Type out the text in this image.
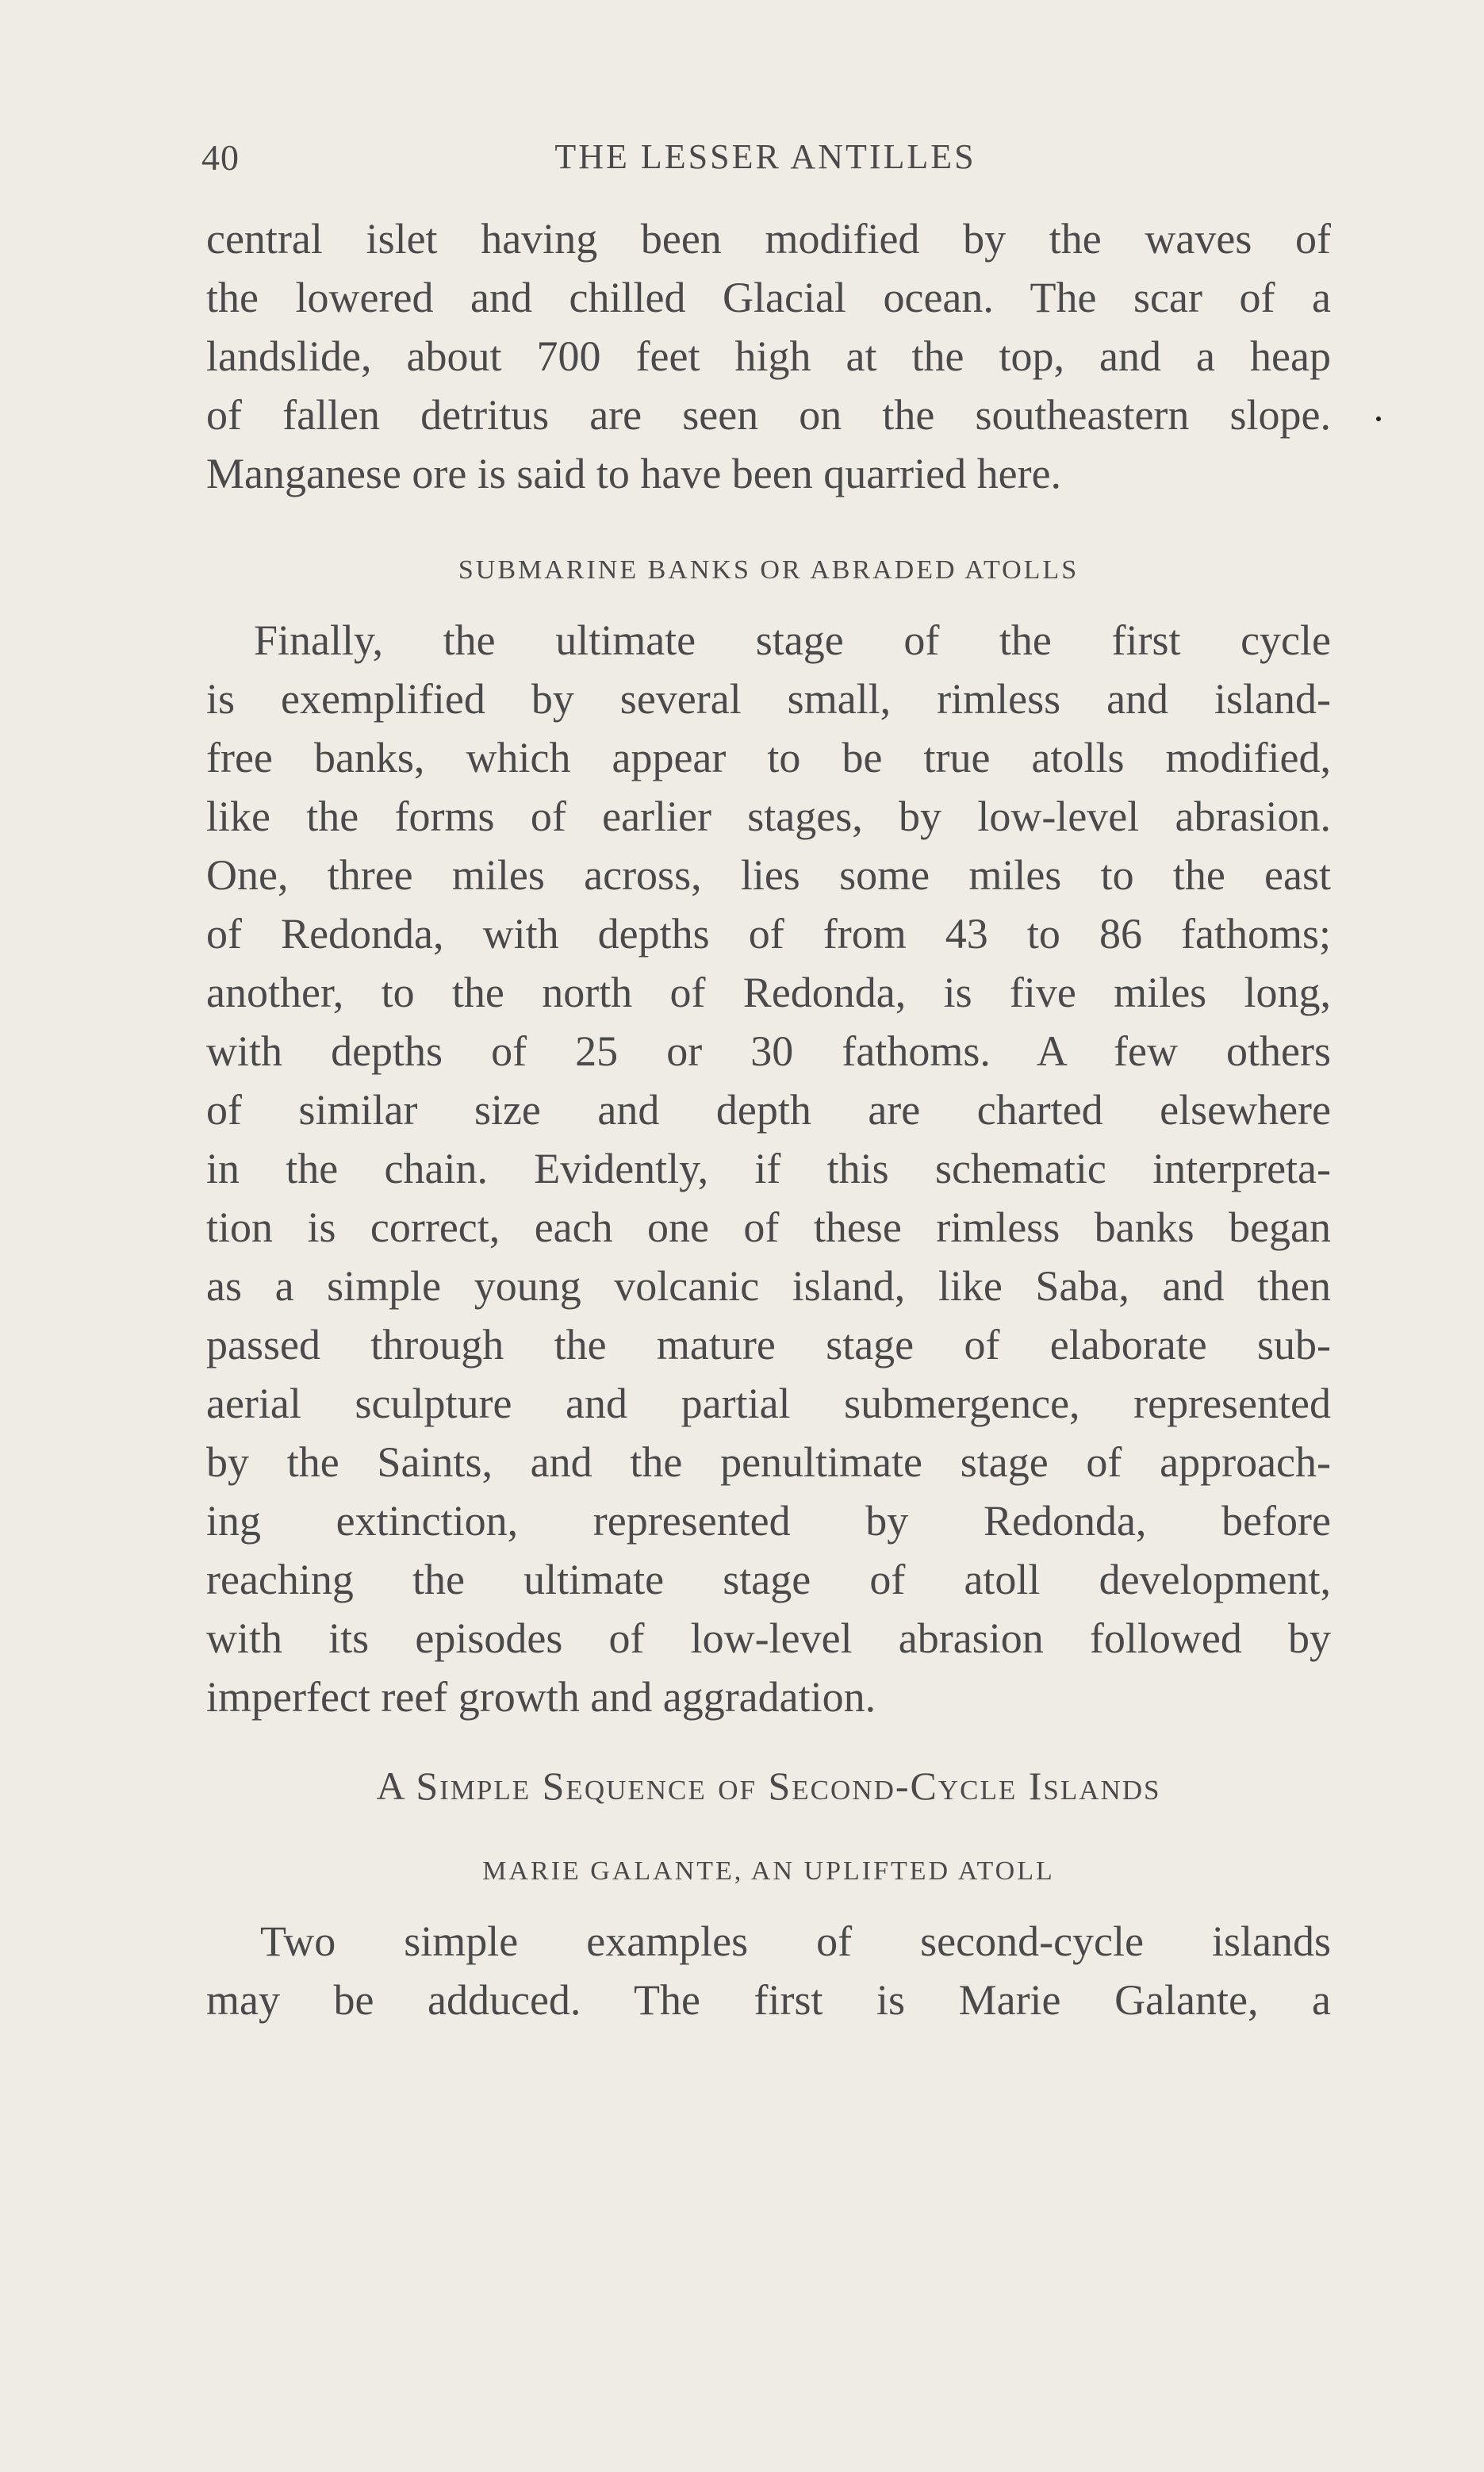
40	THE LESSER ANTILLES
central islet having been modified by the waves of
the lowered and chilled Glacial ocean. The scar of a
landslide, about 700 feet high at the top, and a heap
of fallen detritus are seen on the southeastern slope.
Manganese ore is said to have been quarried here.
SUBMARINE BANKS OR ABRADED ATOLLS
Finally, the ultimate stage of the first cycle
is exemplified by several small, rimless and island-
free banks, which appear to be true atolls modified,
like the forms of earlier stages, by low-level abrasion.
One, three miles across, lies some miles to the east
of Redonda, with depths of from 43 to 86 fathoms;
another, to the north of Redonda, is five miles long,
with depths of 25 or 30 fathoms. A few others
of similar size and depth are charted elsewhere
in the chain. Evidently, if this schematic interpreta-
tion is correct, each one of these rimless banks began
as a simple young volcanic island, like Saba, and then
passed through the mature stage of elaborate sub-
aerial sculpture and partial submergence, represented
by the Saints, and the penultimate stage of approach-
ing extinction, represented by Redonda, before
reaching the ultimate stage of atoll development,
with its episodes of low-level abrasion followed by
imperfect reef growth and aggradation.
A Simple Sequence of Second-Cycle Islands
MARIE GALANTE, AN UPLIFTED ATOLL
Two simple examples of second-cycle islands
may be adduced. The first is Marie Galante, a
